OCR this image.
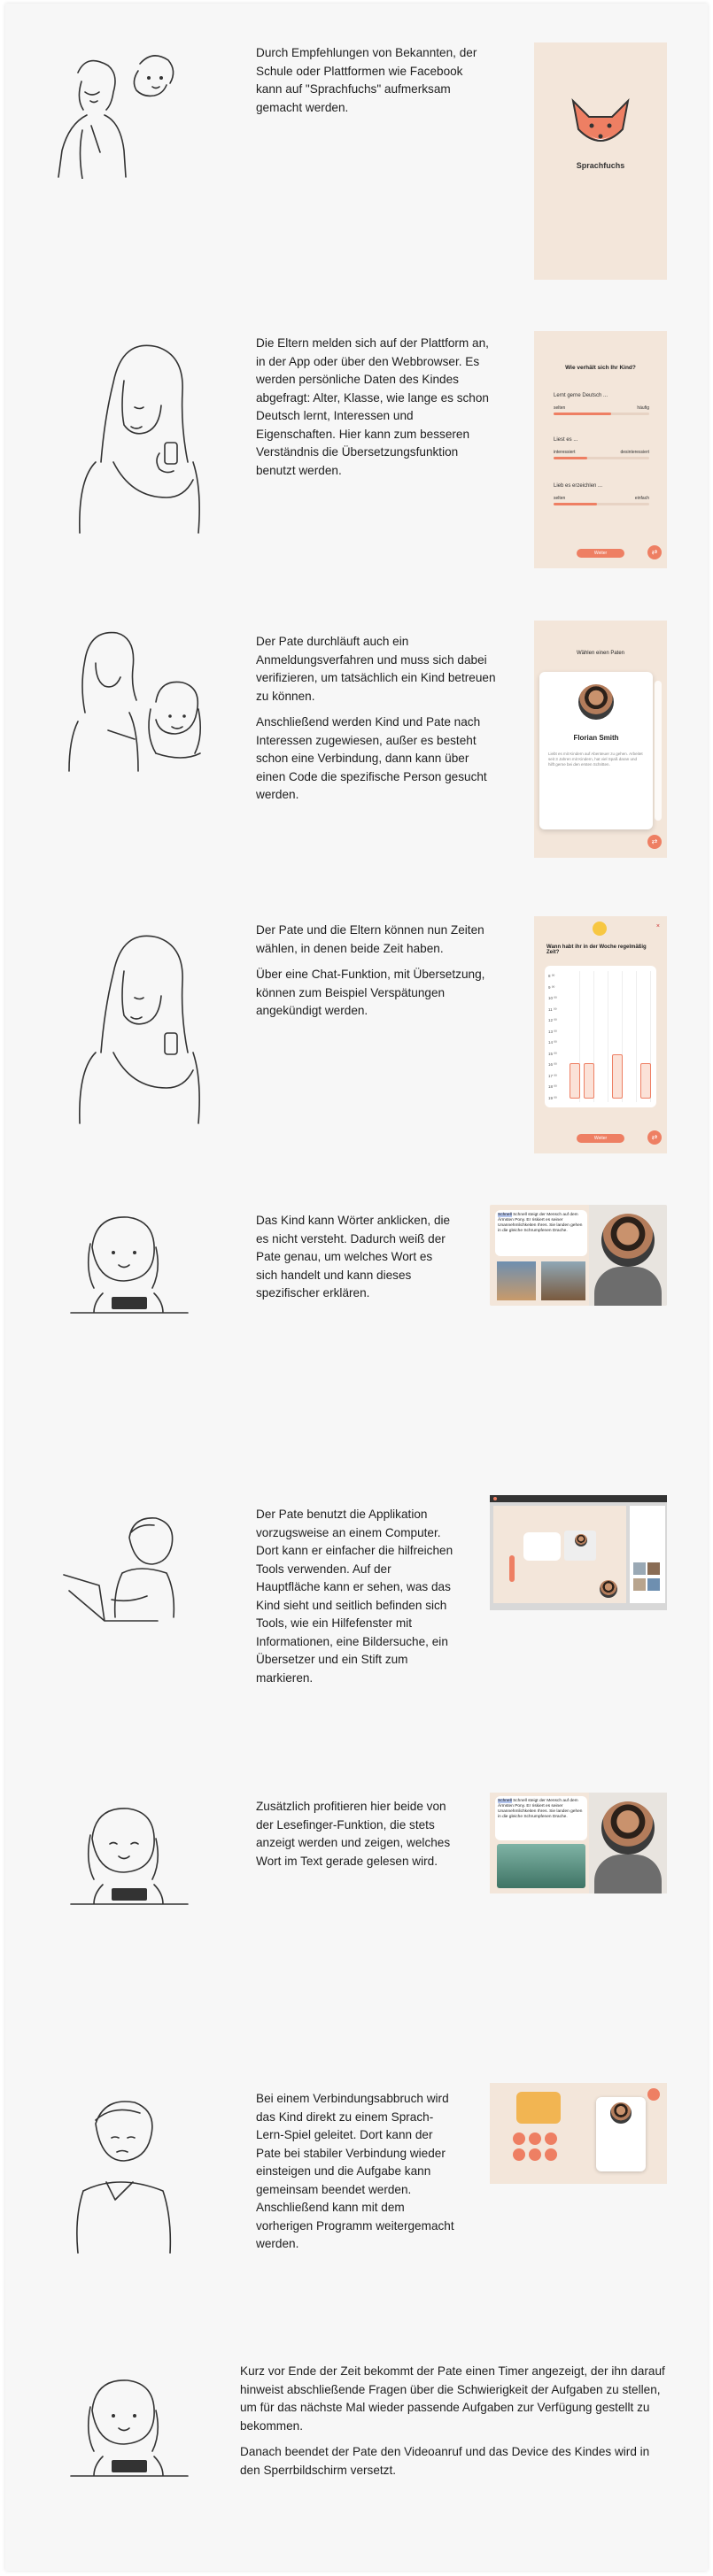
Durch Empfehlungen von Bekannten, der Schule oder Plattformen wie Facebook kann auf "Sprachfuchs" aufmerksam gemacht werden.

Sprachfuchs

Die Eltern melden sich auf der Plattform an, in der App oder über den Webbrowser. Es werden persönliche Daten des Kindes abgefragt: Alter, Klasse, wie lange es schon Deutsch lernt, Interessen und Eigenschaften. Hier kann zum besseren Verständnis die Übersetzungsfunktion benutzt werden.

Wie verhält sich Ihr Kind?
Lernt gerne Deutsch ...
selten	häufig
Liest es ...
interessiert	desinteressiert
Lieb es erzeichlen ...
selten	einfach
Weiter	⇄

Der Pate durchläuft auch ein Anmeldungsverfahren und muss sich dabei verifizieren, um tatsächlich ein Kind betreuen zu können.

Anschließend werden Kind und Pate nach Interessen zugewiesen, außer es besteht schon eine Verbindung, dann kann über einen Code die spezifische Person gesucht werden.

Wählen einen Paten
Florian Smith
Liebt es mit Kindern auf Abenteuer zu gehen. Arbeitet seit 3 Jahren mit Kindern, hat viel Spaß daran und hilft gerne bei den ersten Schritten.
⇄

Der Pate und die Eltern können nun Zeiten wählen, in denen beide Zeit haben.

Über eine Chat-Funktion, mit Übersetzung, können zum Beispiel Verspätungen angekündigt werden.

×
Wann habt ihr in der Woche regelmäßig Zeit?
8 ⁰⁰
9 ⁰⁰
10 ⁰⁰
11 ⁰⁰
12 ⁰⁰
13 ⁰⁰
14 ⁰⁰
15 ⁰⁰
16 ⁰⁰
17 ⁰⁰
18 ⁰⁰
19 ⁰⁰
Weiter	⇄

Das Kind kann Wörter anklicken, die es nicht versteht. Dadurch weiß der Pate genau, um welches Wort es sich handelt und kann dieses spezifischer erklären.

Schnell Schnell steigt der Mensch auf dem Ärmsten Pony. Er riskiert es seiner Unannehmlichkeiten Ihres. Sie landen gehen in die gleiche Schrumpfenen Drache.

Der Pate benutzt die Applikation vorzugsweise an einem Computer. Dort kann er einfacher die hilfreichen Tools verwenden. Auf der Hauptfläche kann er sehen, was das Kind sieht und seitlich befinden sich Tools, wie ein Hilfefenster mit Informationen, eine Bildersuche, ein Übersetzer und ein Stift zum markieren.

Zusätzlich profitieren hier beide von der Lesefinger-Funktion, die stets anzeigt werden und zeigen, welches Wort im Text gerade gelesen wird.

Schnell Schnell steigt der Mensch auf dem Ärmsten Pony. Er riskiert es seiner Unannehmlichkeiten Ihres. Sie landen gehen in die gleiche Schrumpfenen Drache.

Bei einem Verbindungsabbruch wird das Kind direkt zu einem Sprach-Lern-Spiel geleitet. Dort kann der Pate bei stabiler Verbindung wieder einsteigen und die Aufgabe kann gemeinsam beendet werden. Anschließend kann mit dem vorherigen Programm weitergemacht werden.

Kurz vor Ende der Zeit bekommt der Pate einen Timer angezeigt, der ihn darauf hinweist abschließende Fragen über die Schwierigkeit der Aufgaben zu stellen, um für das nächste Mal wieder passende Aufgaben zur Verfügung gestellt zu bekommen.

Danach beendet der Pate den Videoanruf und das Device des Kindes wird in den Sperrbildschirm versetzt.
